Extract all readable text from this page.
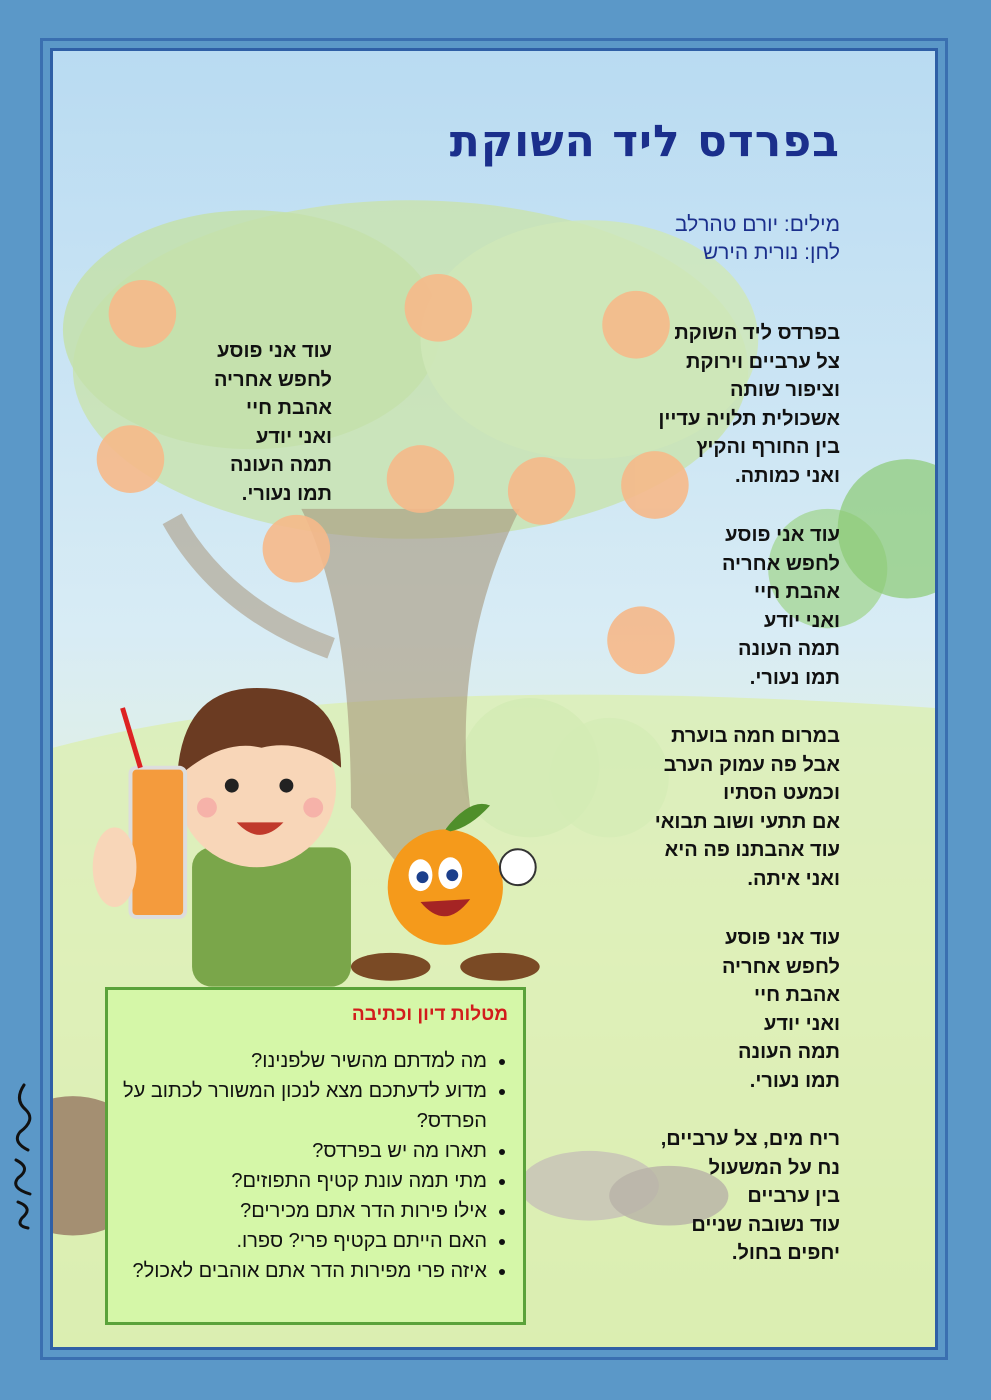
בפרדס ליד השוקת
מילים: יורם טהרלב
לחן: נורית הירש
בפרדס ליד השוקת
צל ערביים וירוקת
וציפור שותה
אשכולית תלויה עדיין
בין החורף והקיץ
ואני כמותה.
עוד אני פוסע
לחפש אחריה
אהבת חיי
ואני יודע
תמה העונה
תמו נעורי.
במרום חמה בוערת
אבל פה עמוק הערב
וכמעט הסתיו
אם תתעי ושוב תבואי
עוד אהבתנו פה היא
ואני איתה.
עוד אני פוסע
לחפש אחריה
אהבת חיי
ואני יודע
תמה העונה
תמו נעורי.
ריח מים, צל ערביים,
נח על המשעול
בין ערביים
עוד נשובה שניים
יחפים בחול.
עוד אני פוסע
לחפש אחריה
אהבת חיי
ואני יודע
תמה העונה
תמו נעורי.
מטלות דיון וכתיבה
• מה למדתם מהשיר שלפנינו?
• מדוע לדעתכם מצא לנכון המשורר לכתוב על הפרדס?
• תארו מה יש בפרדס?
• מתי תמה עונת קטיף התפוזים?
• אילו פירות הדר אתם מכירים?
• האם הייתם בקטיף פרי? ספרו.
• איזה פרי מפירות הדר אתם אוהבים לאכול?
